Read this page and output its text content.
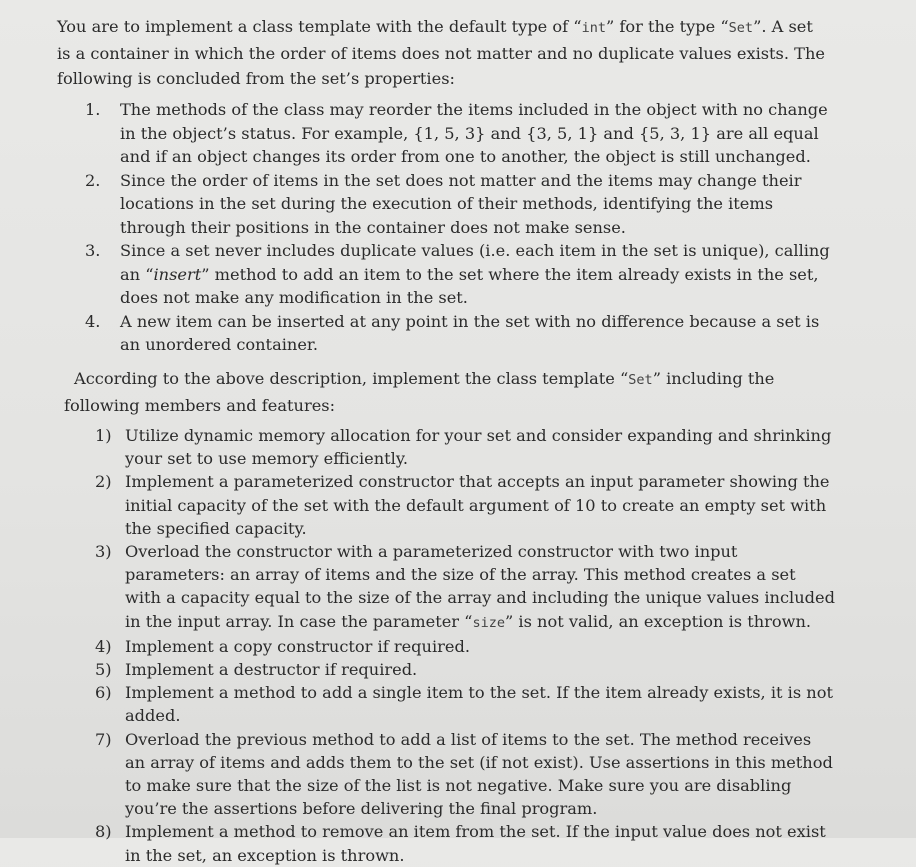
You are to implement a class template with the default type of “int” for the type “Set”. A set is a container in which the order of items does not matter and no duplicate values exists. The following is concluded from the set’s properties:

1. The methods of the class may reorder the items included in the object with no change in the object’s status. For example, {1, 5, 3} and {3, 5, 1} and {5, 3, 1} are all equal and if an object changes its order from one to another, the object is still unchanged.
2. Since the order of items in the set does not matter and the items may change their locations in the set during the execution of their methods, identifying the items through their positions in the container does not make sense.
3. Since a set never includes duplicate values (i.e. each item in the set is unique), calling an “insert” method to add an item to the set where the item already exists in the set, does not make any modification in the set.
4. A new item can be inserted at any point in the set with no difference because a set is an unordered container.

According to the above description, implement the class template “Set” including the following members and features:

1) Utilize dynamic memory allocation for your set and consider expanding and shrinking your set to use memory efficiently.
2) Implement a parameterized constructor that accepts an input parameter showing the initial capacity of the set with the default argument of 10 to create an empty set with the specified capacity.
3) Overload the constructor with a parameterized constructor with two input parameters: an array of items and the size of the array. This method creates a set with a capacity equal to the size of the array and including the unique values included in the input array. In case the parameter “size” is not valid, an exception is thrown.
4) Implement a copy constructor if required.
5) Implement a destructor if required.
6) Implement a method to add a single item to the set. If the item already exists, it is not added.
7) Overload the previous method to add a list of items to the set. The method receives an array of items and adds them to the set (if not exist). Use assertions in this method to make sure that the size of the list is not negative. Make sure you are disabling you’re the assertions before delivering the final program.
8) Implement a method to remove an item from the set. If the input value does not exist in the set, an exception is thrown.
